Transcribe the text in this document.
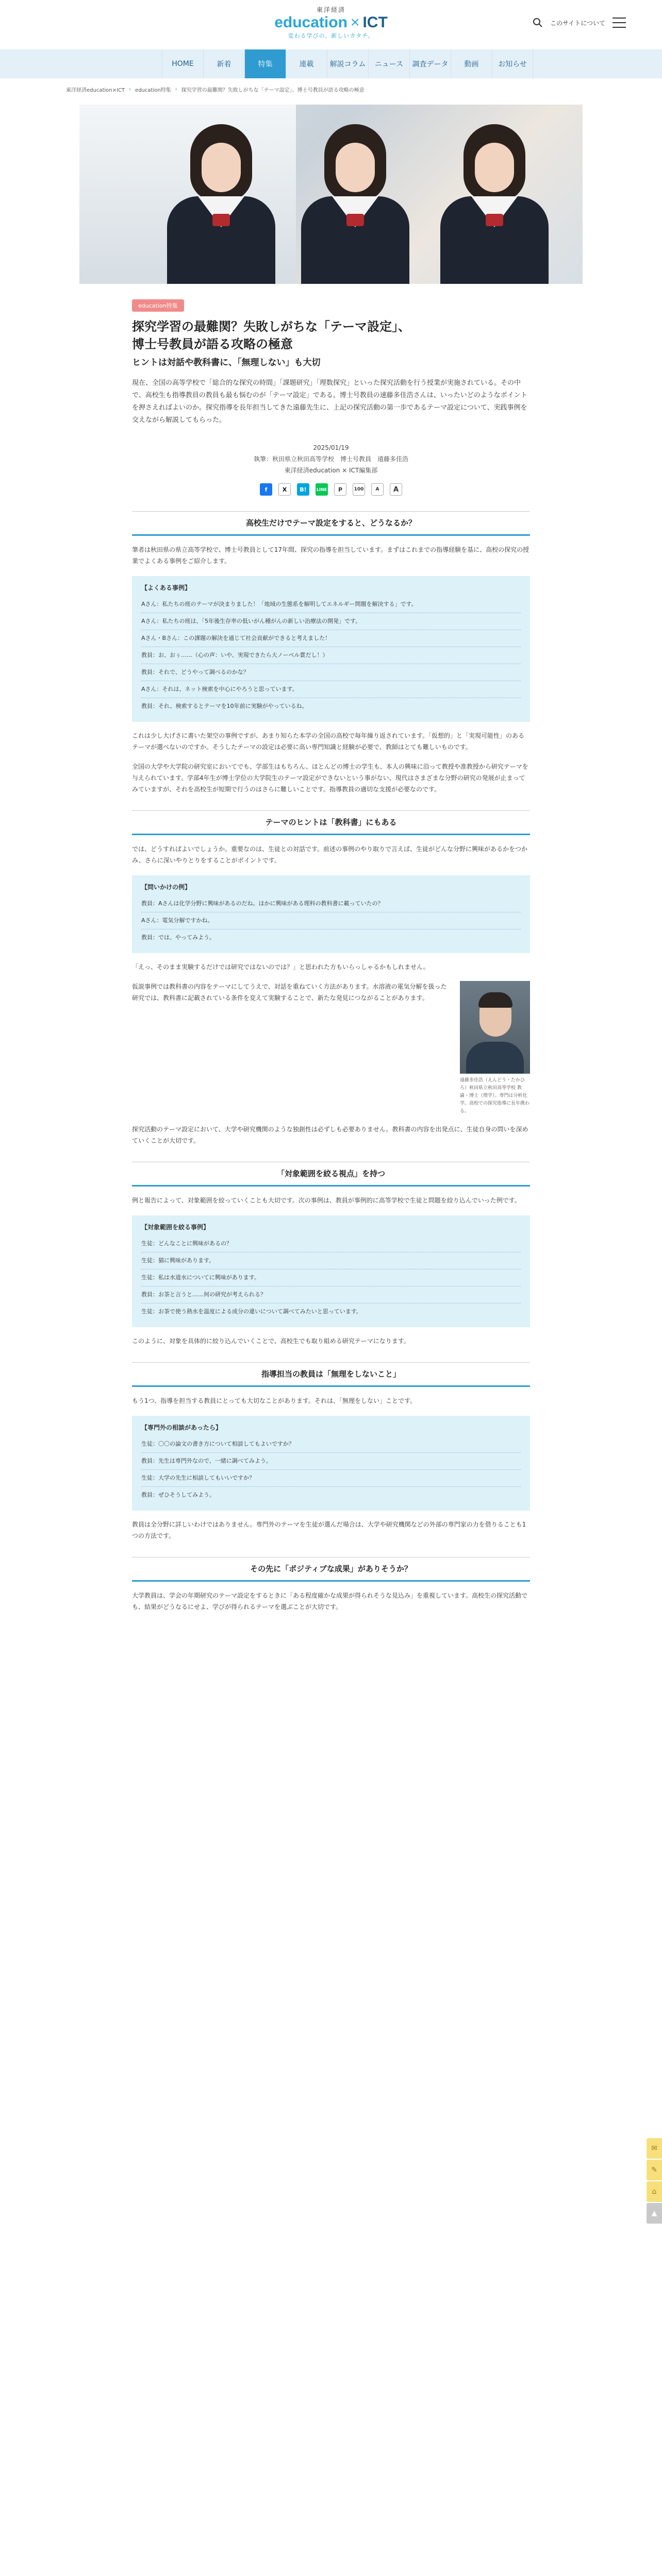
東洋経済
education × ICT
変わる学びの、新しいカタチ。
このサイトについて
HOME	新着	特集	連載	解説コラム	ニュース	調査データ	動画	お知らせ
東洋経済education×ICT › education特集 › 探究学習の最難関？失敗しがちな「テーマ設定」、博士号教員が語る攻略の極意
education特集
探究学習の最難関？失敗しがちな「テーマ設定」、
博士号教員が語る攻略の極意
ヒントは対話や教科書に、「無理しない」も大切

現在、全国の高等学校で「総合的な探究の時間」「課題研究」「理数探究」といった探究活動を行う授業が実施されている。その中で、高校生も指導教員の教員も最も悩むのが「テーマ設定」である。博士号教員の速藤多佳浩さんは、いったいどのようなポイントを押さえればよいのか。探究指導を長年担当してきた遠藤先生に、上記の探究活動の第一歩であるテーマ設定について、実践事例を交えながら解説してもらった。

2025/01/19
執筆：秋田県立秋田高等学校　博士号教員　遠藤多佳浩
東洋経済education × ICT編集部
f	X	B!	LINE	P	100	A	A
高校生だけでテーマ設定をすると、どうなるか？

筆者は秋田県の県立高等学校で、博士号教員として17年間、探究の指導を担当しています。まずはこれまでの指導経験を基に、高校の探究の授業でよくある事例をご紹介します。

【よくある事例】
Aさん：私たちの班のテーマが決まりました！「地域の生態系を解明してエネルギー問題を解決する」です。
Aさん：私たちの班は、「5年後生存率の低いがん種がんの新しい治療法の開発」です。
Aさん・Bさん：この課題の解決を通じて社会貢献ができると考えました！
教員：お、おぅ……（心の声：いや、実現できたら大ノーベル賞だし！）
教員：それで、どうやって調べるのかな？
Aさん：それは、ネット検索を中心にやろうと思っています。
教員：それ、検索するとテーマを10年前に実験がやっているね。

これは少し大げさに書いた架空の事例ですが、あまり知らた本学の全国の高校で毎年繰り返されています。「仮想的」と「実現可能性」のあるテーマが選べないのですか。そうしたテーマの設定は必要に高い専門知識と経験が必要で、教師はとても難しいものです。

全国の大学や大学院の研究室においてでも、学部生はもちろん、ほとんどの博士の学生も、本人の興味に沿って教授や准教授から研究テーマを与えられています。学部4年生が博士学位の大学院生のテーマ設定ができないという事がない、現代はさまざまな分野の研究の発展が止まってみていますが、それを高校生が短期で行うのはさらに難しいことです。指導教員の適切な支援が必要なのです。

テーマのヒントは「教科書」にもある

では、どうすればよいでしょうか。重要なのは、生徒との対話です。前述の事例のやり取りで言えば、生徒がどんな分野に興味があるかをつかみ、さらに深いやりとりをすることがポイントです。

【問いかけの例】
教員：Aさんは化学分野に興味があるのだね。ほかに興味がある理科の教科書に載っていたの？
Aさん：電気分解ですかね。
教員：では、やってみよう。

「えっ、そのまま実験するだけでは研究ではないのでは？」と思われた方もいらっしゃるかもしれません。

仮説事例では教科書の内容をテーマにしてうえで、対話を重ねていく方法があります。水溶液の電気分解を扱った研究では、教科書に記載されている条件を変えて実験することで、新たな発見につながることがあります。

遠藤多佳浩（えんどう・たかひろ）秋田県立秋田高等学校 教諭・博士（理学）。専門は分析化学。高校での探究指導に長年携わる。

探究活動のテーマ設定において、大学や研究機関のような独創性は必ずしも必要ありません。教科書の内容を出発点に、生徒自身の問いを深めていくことが大切です。

「対象範囲を絞る視点」を持つ

例と報告によって、対象範囲を絞っていくことも大切です。次の事例は、教員が事例的に高等学校で生徒と問題を絞り込んでいった例です。

【対象範囲を絞る事例】
生徒：どんなことに興味があるの？
生徒：猫に興味があります。
生徒：私は水道水についてに興味があります。
教員：お茶と言うと……何の研究が考えられる？
生徒：お茶で使う熱水を温度による成分の違いについて調べてみたいと思っています。

このように、対象を具体的に絞り込んでいくことで、高校生でも取り組める研究テーマになります。

指導担当の教員は「無理をしないこと」

もう1つ、指導を担当する教員にとっても大切なことがあります。それは、「無理をしない」ことです。

【専門外の相談があったら】
生徒：〇〇の論文の書き方について相談してもよいですか？
教員：先生は専門外なので、一緒に調べてみよう。
生徒：大学の先生に相談してもいいですか？
教員：ぜひそうしてみよう。

教員は全分野に詳しいわけではありません。専門外のテーマを生徒が選んだ場合は、大学や研究機関などの外部の専門家の力を借りることも1つの方法です。

その先に「ポジティブな成果」がありそうか？

大学教員は、学会の年期研究のテーマ設定をするときに「ある程度確かな成果が得られそうな見込み」を重視しています。高校生の探究活動でも、結果がどうなるにせよ、学びが得られるテーマを選ぶことが大切です。

✉
✎
⌂
▲
